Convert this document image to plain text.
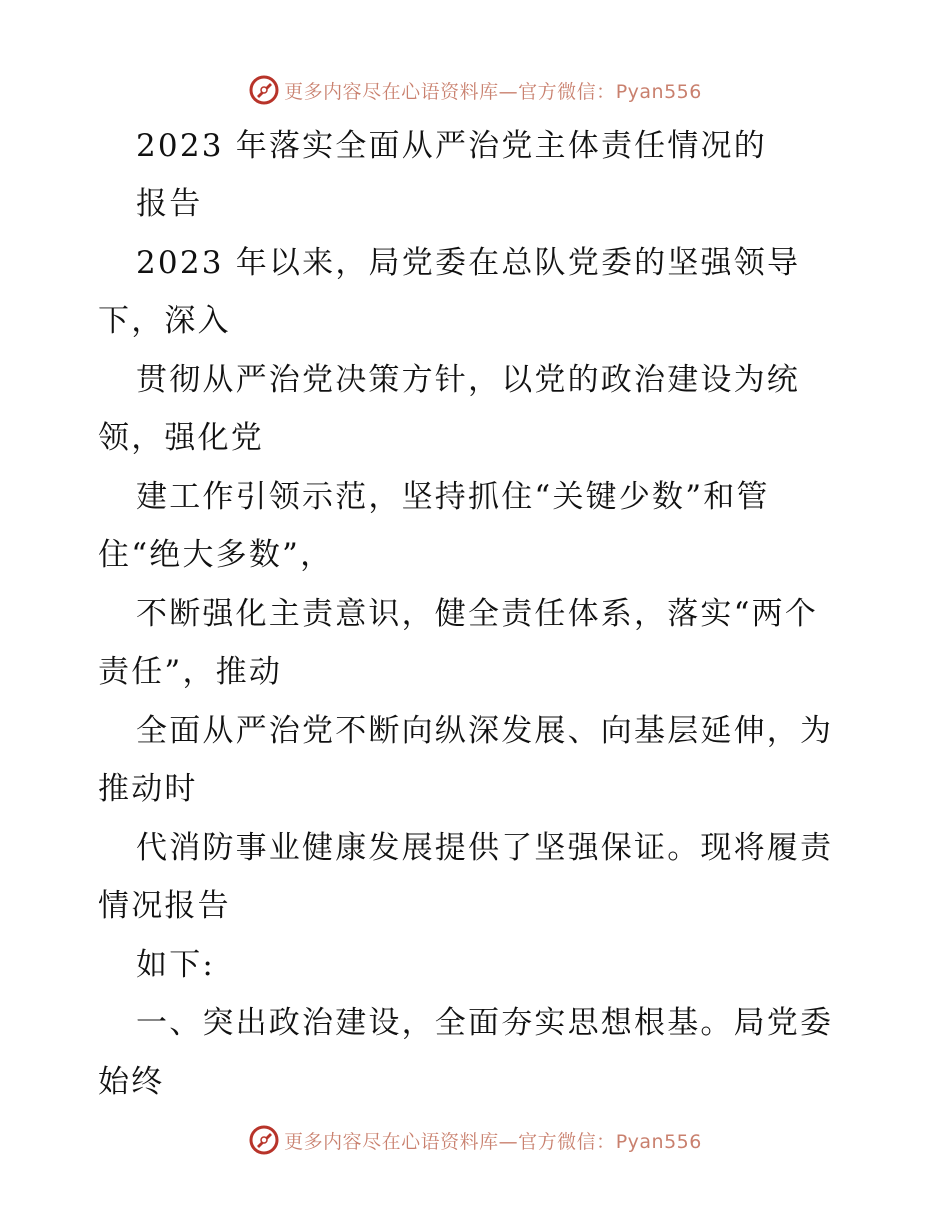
更多内容尽在心语资料库—官方微信：Pyan556
2023 年落实全面从严治党主体责任情况的
报告
2023 年以来，局党委在总队党委的坚强领导
下，深入
贯彻从严治党决策方针，以党的政治建设为统
领，强化党
建工作引领示范，坚持抓住“关键少数”和管
住“绝大多数”，
不断强化主责意识，健全责任体系，落实“两个
责任”，推动
全面从严治党不断向纵深发展、向基层延伸，为
推动时
代消防事业健康发展提供了坚强保证。现将履责
情况报告
如下:
一、突出政治建设，全面夯实思想根基。局党委
始终
更多内容尽在心语资料库—官方微信：Pyan556
